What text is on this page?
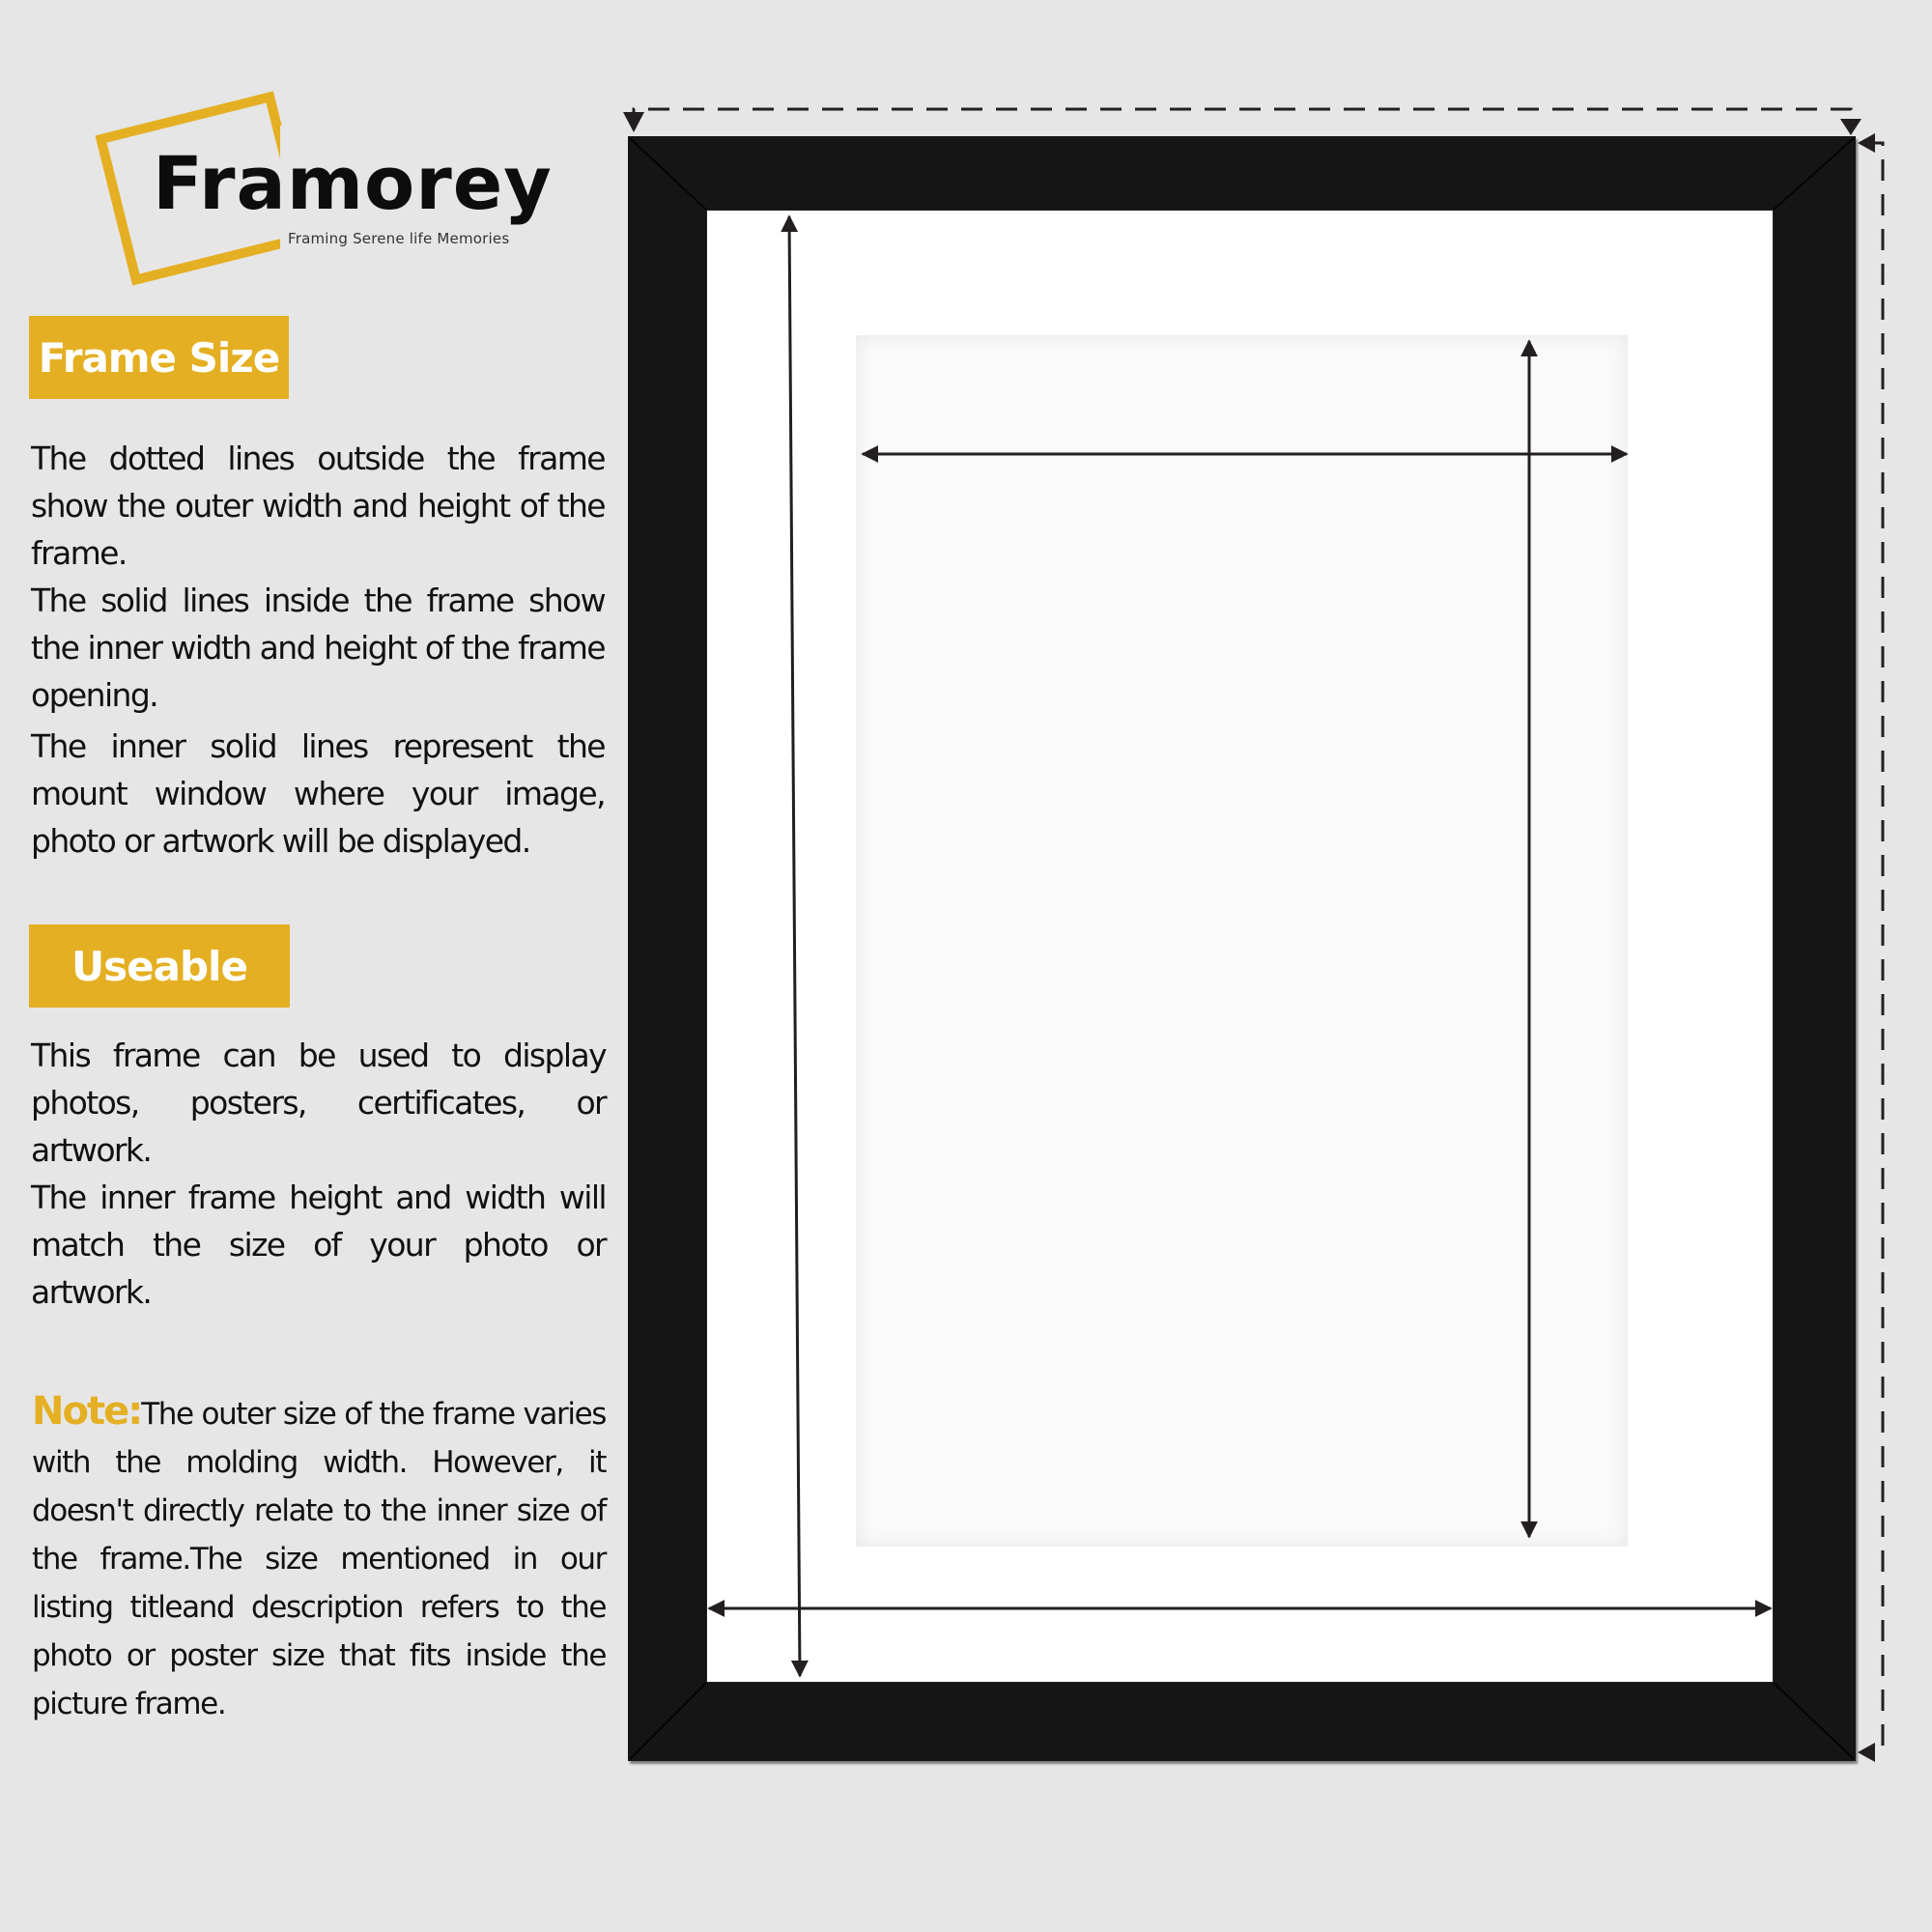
Framorey
Framing Serene life Memories
Frame Size

The dotted lines outside the frame show the outer width and height of the frame.

The solid lines inside the frame show the inner width and height of the frame opening.

The inner solid lines represent the mount window where your image, photo or artwork will be displayed.

Useable

This frame can be used to display photos, posters, certificates, or artwork.

The inner frame height and width will match the size of your photo or artwork.

Note:The outer size of the frame varies with the molding width. However, it doesn't directly relate to the inner size of the frame.The size mentioned in our listing titleand description refers to the photo or poster size that fits inside the picture frame.
